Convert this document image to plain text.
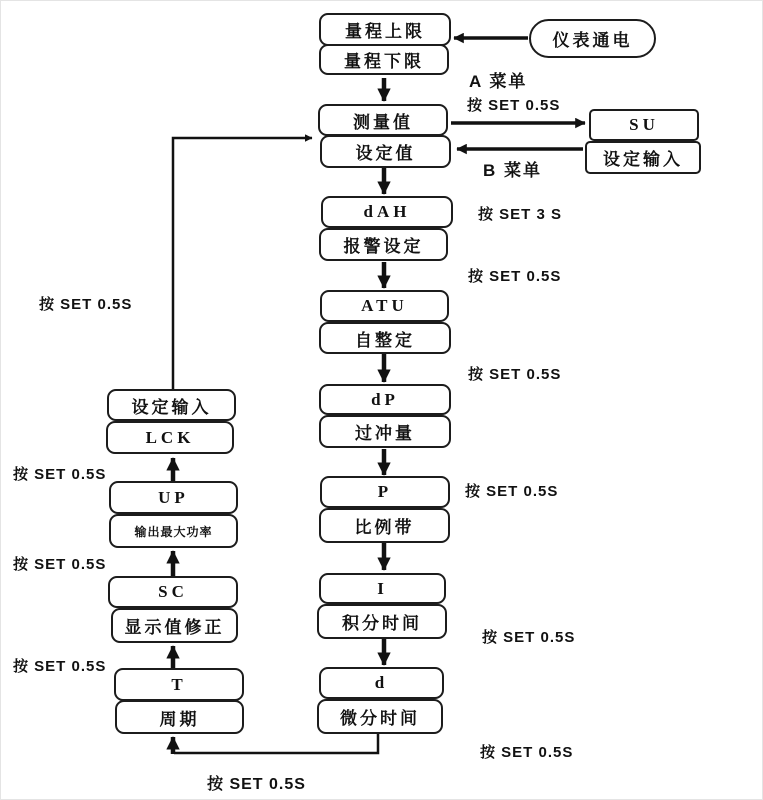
仪表通电
量程上限
量程下限
测量值
设定值
dAH
报警设定
ATU
自整定
dP
过冲量
P
比例带
I
积分时间
d
微分时间
SU
设定输入
设定输入
LCK
UP
输出最大功率
SC
显示值修正
T
周期
A 菜单
按 SET 0.5S
B 菜单
按 SET 3 S
按 SET 0.5S
按 SET 0.5S
按 SET 0.5S
按 SET 0.5S
按 SET 0.5S
按 SET 0.5S
按 SET 0.5S
按 SET 0.5S
按 SET 0.5S
按 SET 0.5S
